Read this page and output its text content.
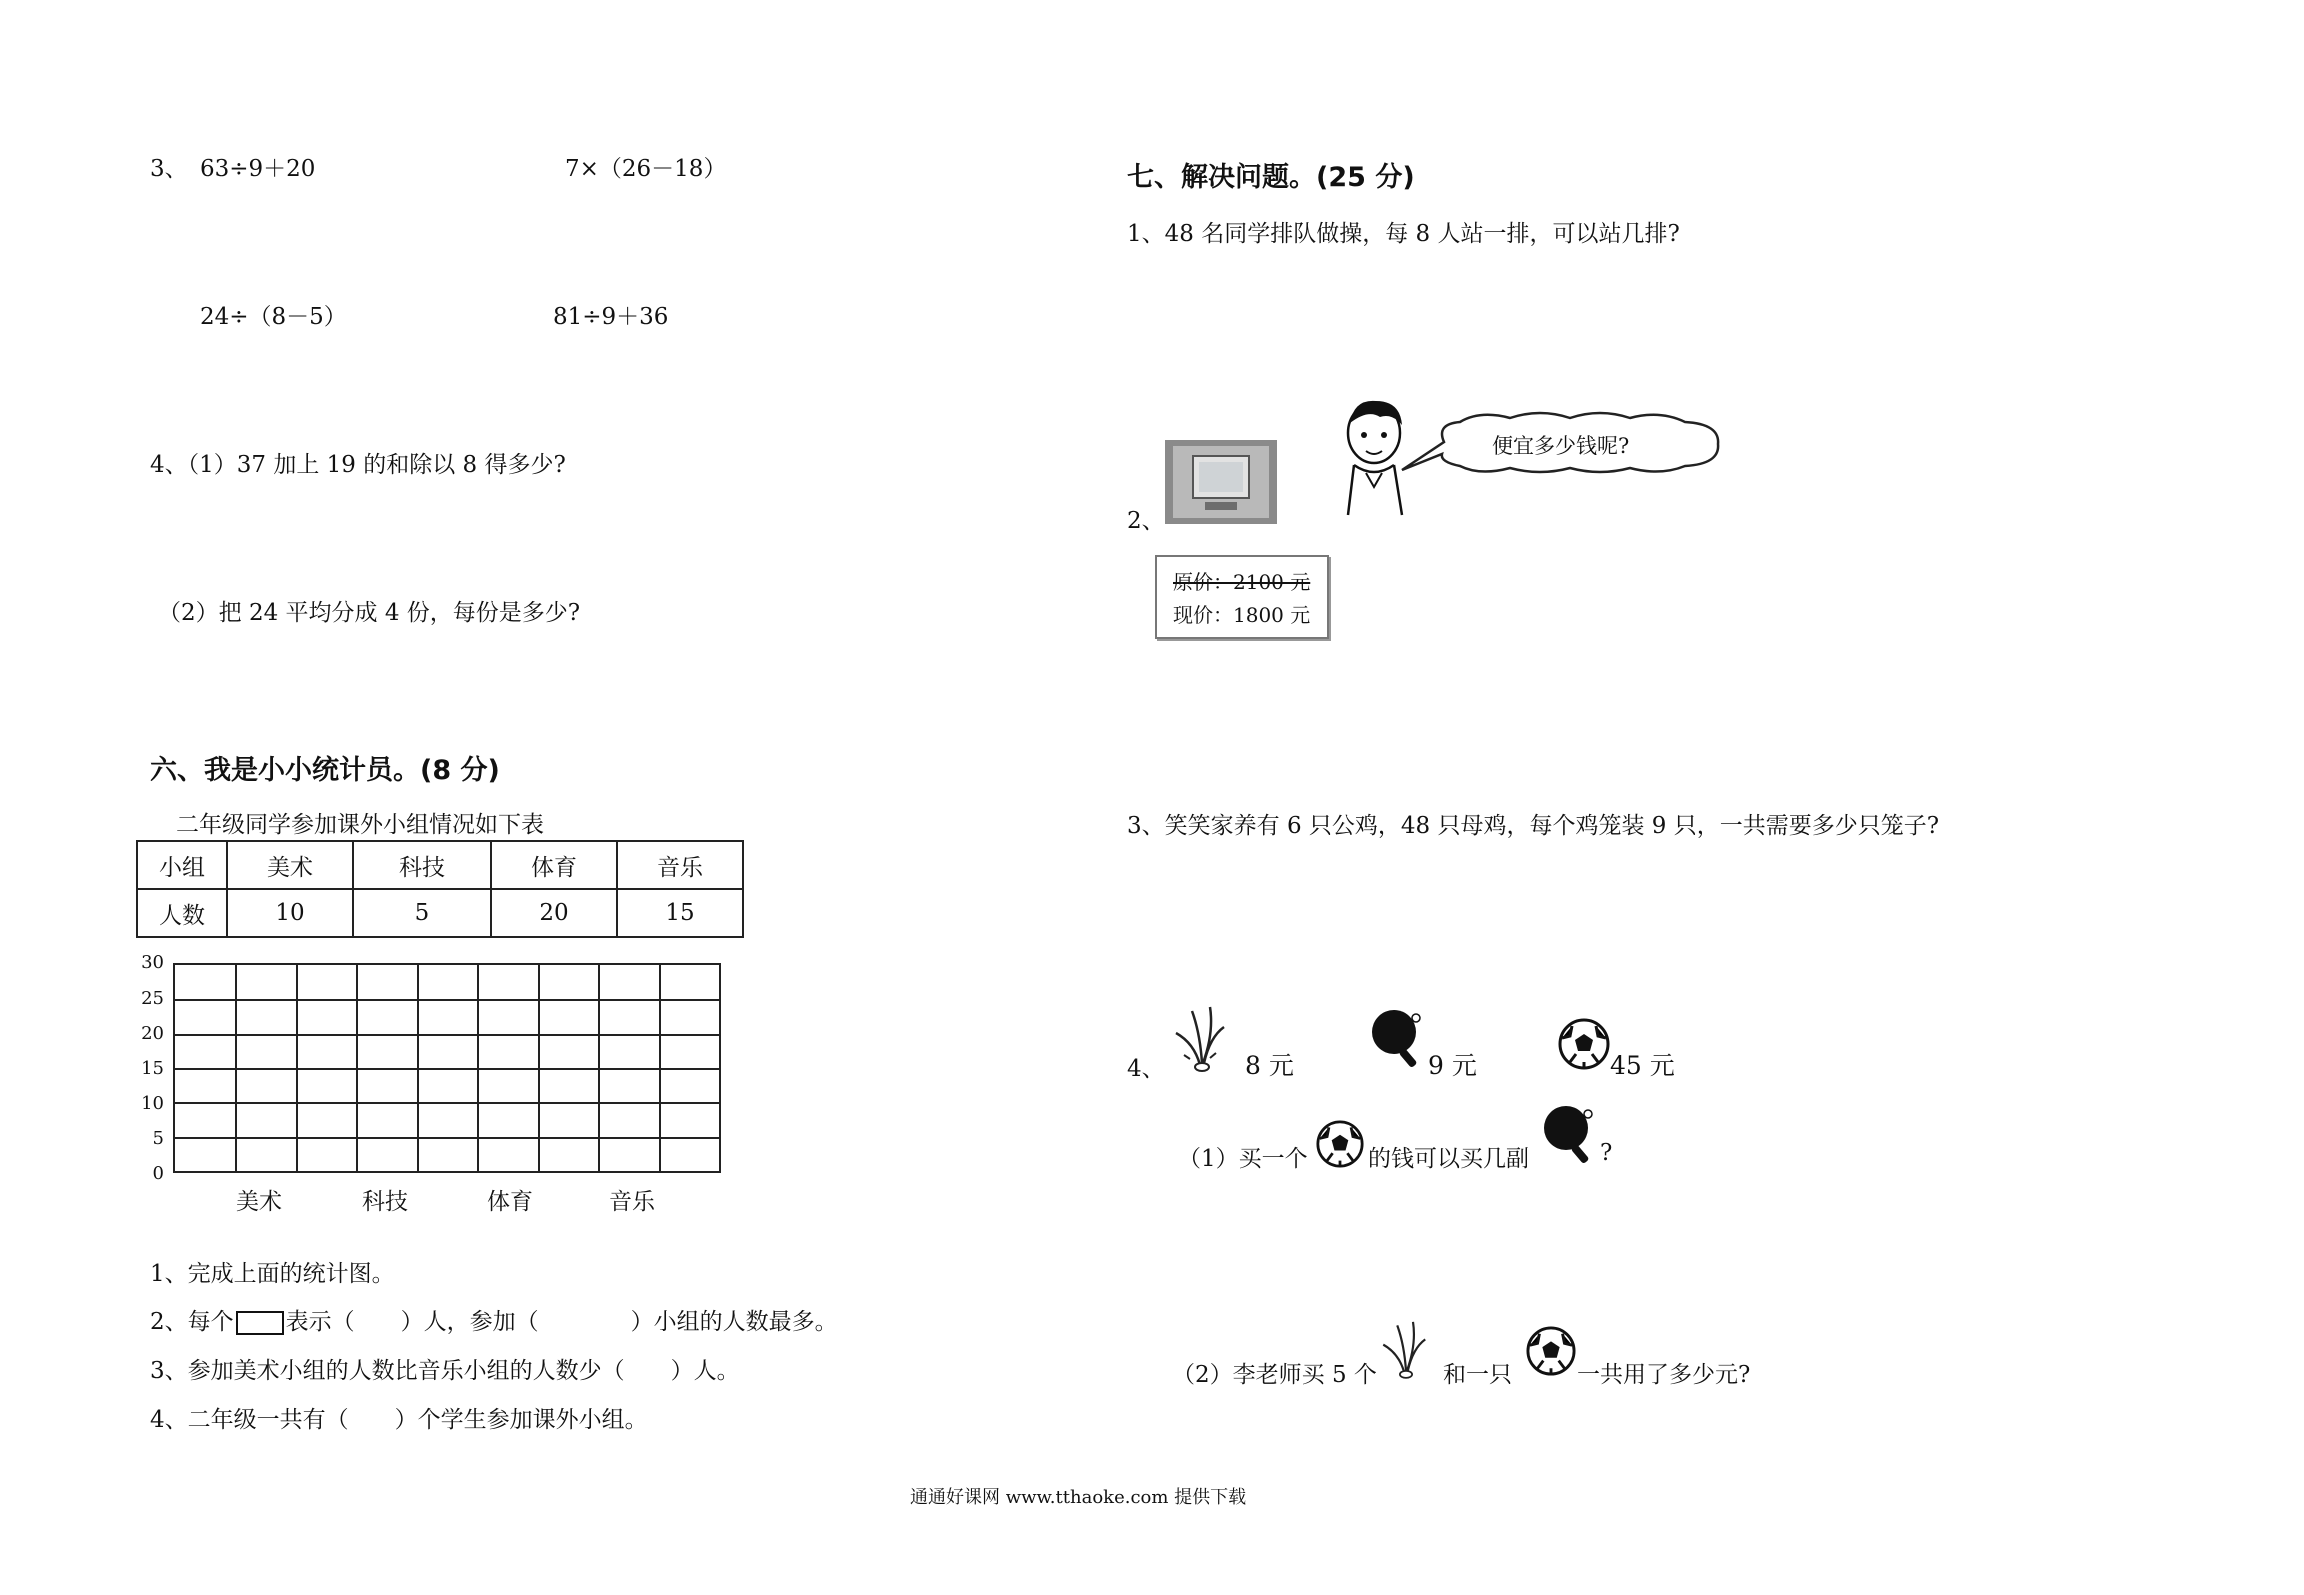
3、 63÷9＋20	7×（26－18）
24÷（8－5）	81÷9＋36
4、（1）37 加上 19 的和除以 8 得多少?
（2）把 24 平均分成 4 份，每份是多少?
六、我是小小统计员。(8 分)
二年级同学参加课外小组情况如下表
小组	美术	科技	体育	音乐
人数	10	5	20	15
30
25
20
15
10
5
0
美术	科技	体育	音乐
1、完成上面的统计图。
2、每个 表示（　　）人，参加（　　　　）小组的人数最多。
3、参加美术小组的人数比音乐小组的人数少（　　）人。
4、二年级一共有（　　）个学生参加课外小组。
七、解决问题。(25 分)
1、48 名同学排队做操，每 8 人站一排，可以站几排?
2、
便宜多少钱呢?
原价：2100 元
现价：1800 元
3、笑笑家养有 6 只公鸡，48 只母鸡，每个鸡笼装 9 只，一共需要多少只笼子?
4、	8 元	9 元	45 元
（1）买一个	的钱可以买几副	?
（2）李老师买 5 个	和一只	一共用了多少元?
通通好课网 www.tthaoke.com 提供下载
